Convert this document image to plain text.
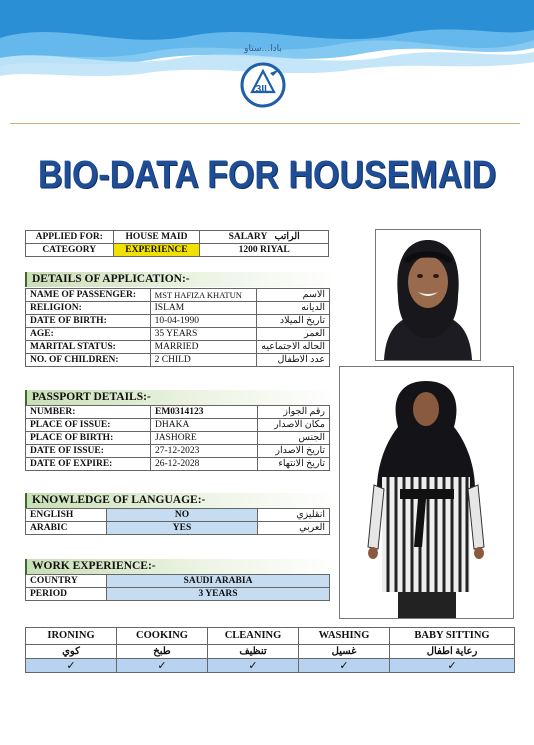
بادا...ستاو
3IL
BIO-DATA FOR HOUSEMAID
APPLIED FOR:	HOUSE MAID	SALARY الراتب
CATEGORY	EXPERIENCE	1200 RIYAL
DETAILS OF APPLICATION:-
NAME OF PASSENGER:	MST HAFIZA KHATUN	الاسم
RELIGION:	ISLAM	الديانه
DATE OF BIRTH:	10-04-1990	تاريخ الميلاد
AGE:	35 YEARS	العمر
MARITAL STATUS:	MARRIED	الحاله الاجتماعيه
NO. OF CHILDREN:	2 CHILD	عدد الاطفال
PASSPORT DETAILS:-
NUMBER:	EM0314123	رقم الجواز
PLACE OF ISSUE:	DHAKA	مكان الاصدار
PLACE OF BIRTH:	JASHORE	الجنس
DATE OF ISSUE:	27-12-2023	تاريخ الاصدار
DATE OF EXPIRE:	26-12-2028	تاريخ الانتهاء
KNOWLEDGE OF LANGUAGE:-
ENGLISH	NO	انقليزي
ARABIC	YES	العربي
WORK EXPERIENCE:-
COUNTRY	SAUDI ARABIA
PERIOD	3 YEARS
IRONING	COOKING	CLEANING	WASHING	BABY SITTING
كوي	طبخ	تنظيف	غسيل	رعاية اطفال
✓	✓	✓	✓	✓
